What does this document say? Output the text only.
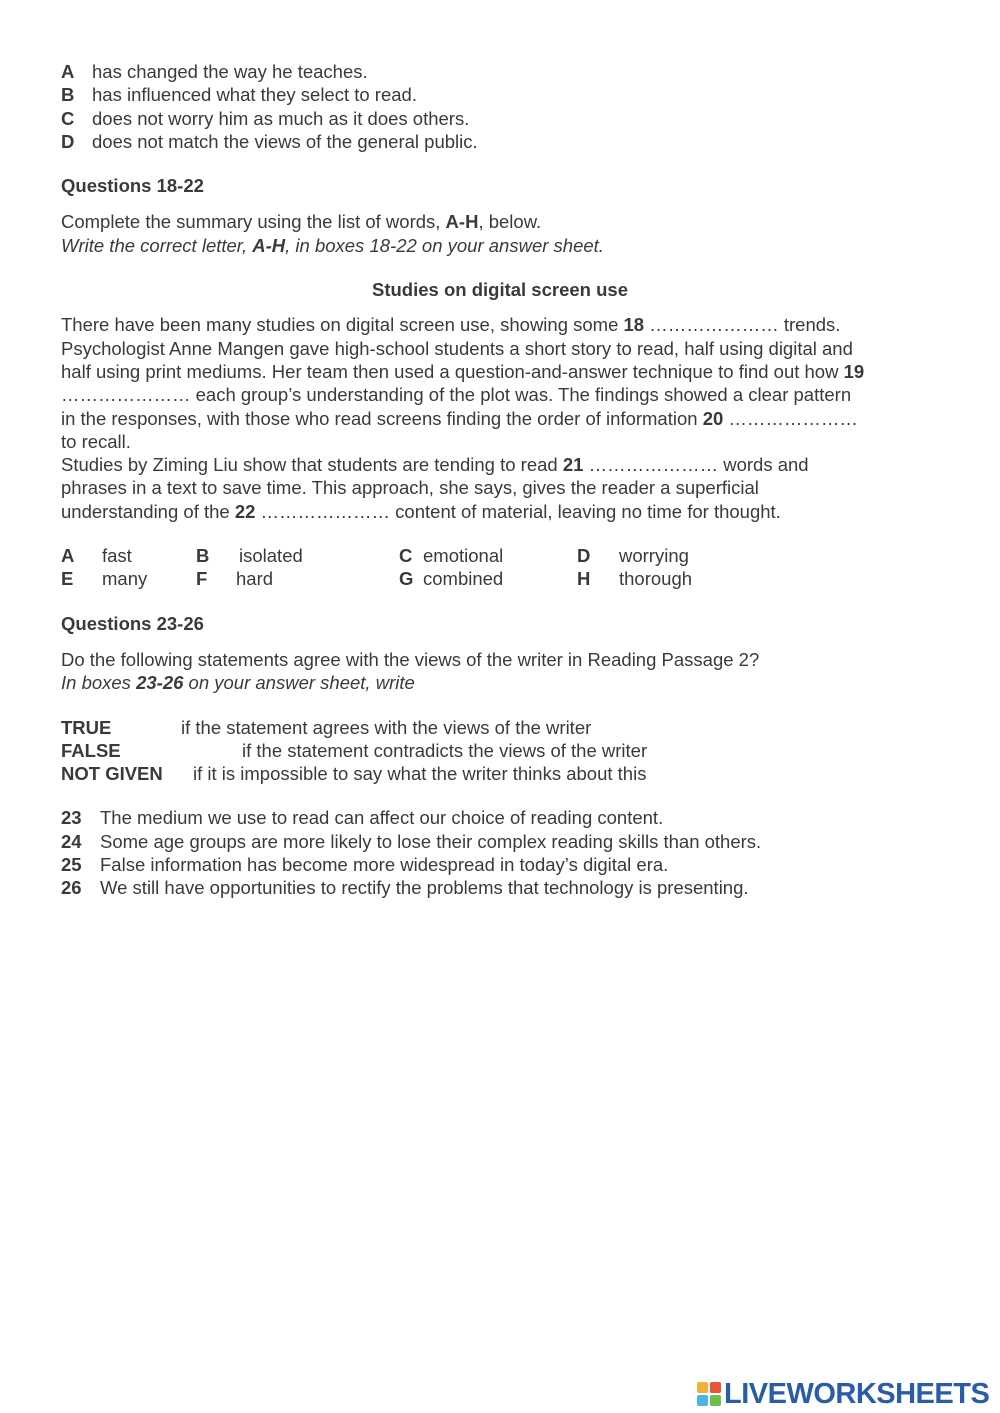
A has changed the way he teaches.
B has influenced what they select to read.
C does not worry him as much as it does others.
D does not match the views of the general public.
Questions 18-22
Complete the summary using the list of words, A-H, below.
Write the correct letter, A-H, in boxes 18-22 on your answer sheet.
Studies on digital screen use
There have been many studies on digital screen use, showing some 18 ………………… trends.
Psychologist Anne Mangen gave high-school students a short story to read, half using digital and
half using print mediums. Her team then used a question-and-answer technique to find out how 19
………………… each group’s understanding of the plot was. The findings showed a clear pattern
in the responses, with those who read screens finding the order of information 20 …………………
to recall.
Studies by Ziming Liu show that students are tending to read 21 ………………… words and
phrases in a text to save time. This approach, she says, gives the reader a superficial
understanding of the 22 ………………… content of material, leaving no time for thought.
A fast	B isolated	C emotional	D worrying
E many	F hard	G combined	H thorough
Questions 23-26
Do the following statements agree with the views of the writer in Reading Passage 2?
In boxes 23-26 on your answer sheet, write
TRUE	if the statement agrees with the views of the writer
FALSE	if the statement contradicts the views of the writer
NOT GIVEN if it is impossible to say what the writer thinks about this
23 The medium we use to read can affect our choice of reading content.
24 Some age groups are more likely to lose their complex reading skills than others.
25 False information has become more widespread in today’s digital era.
26 We still have opportunities to rectify the problems that technology is presenting.
LIVEWORKSHEETS
